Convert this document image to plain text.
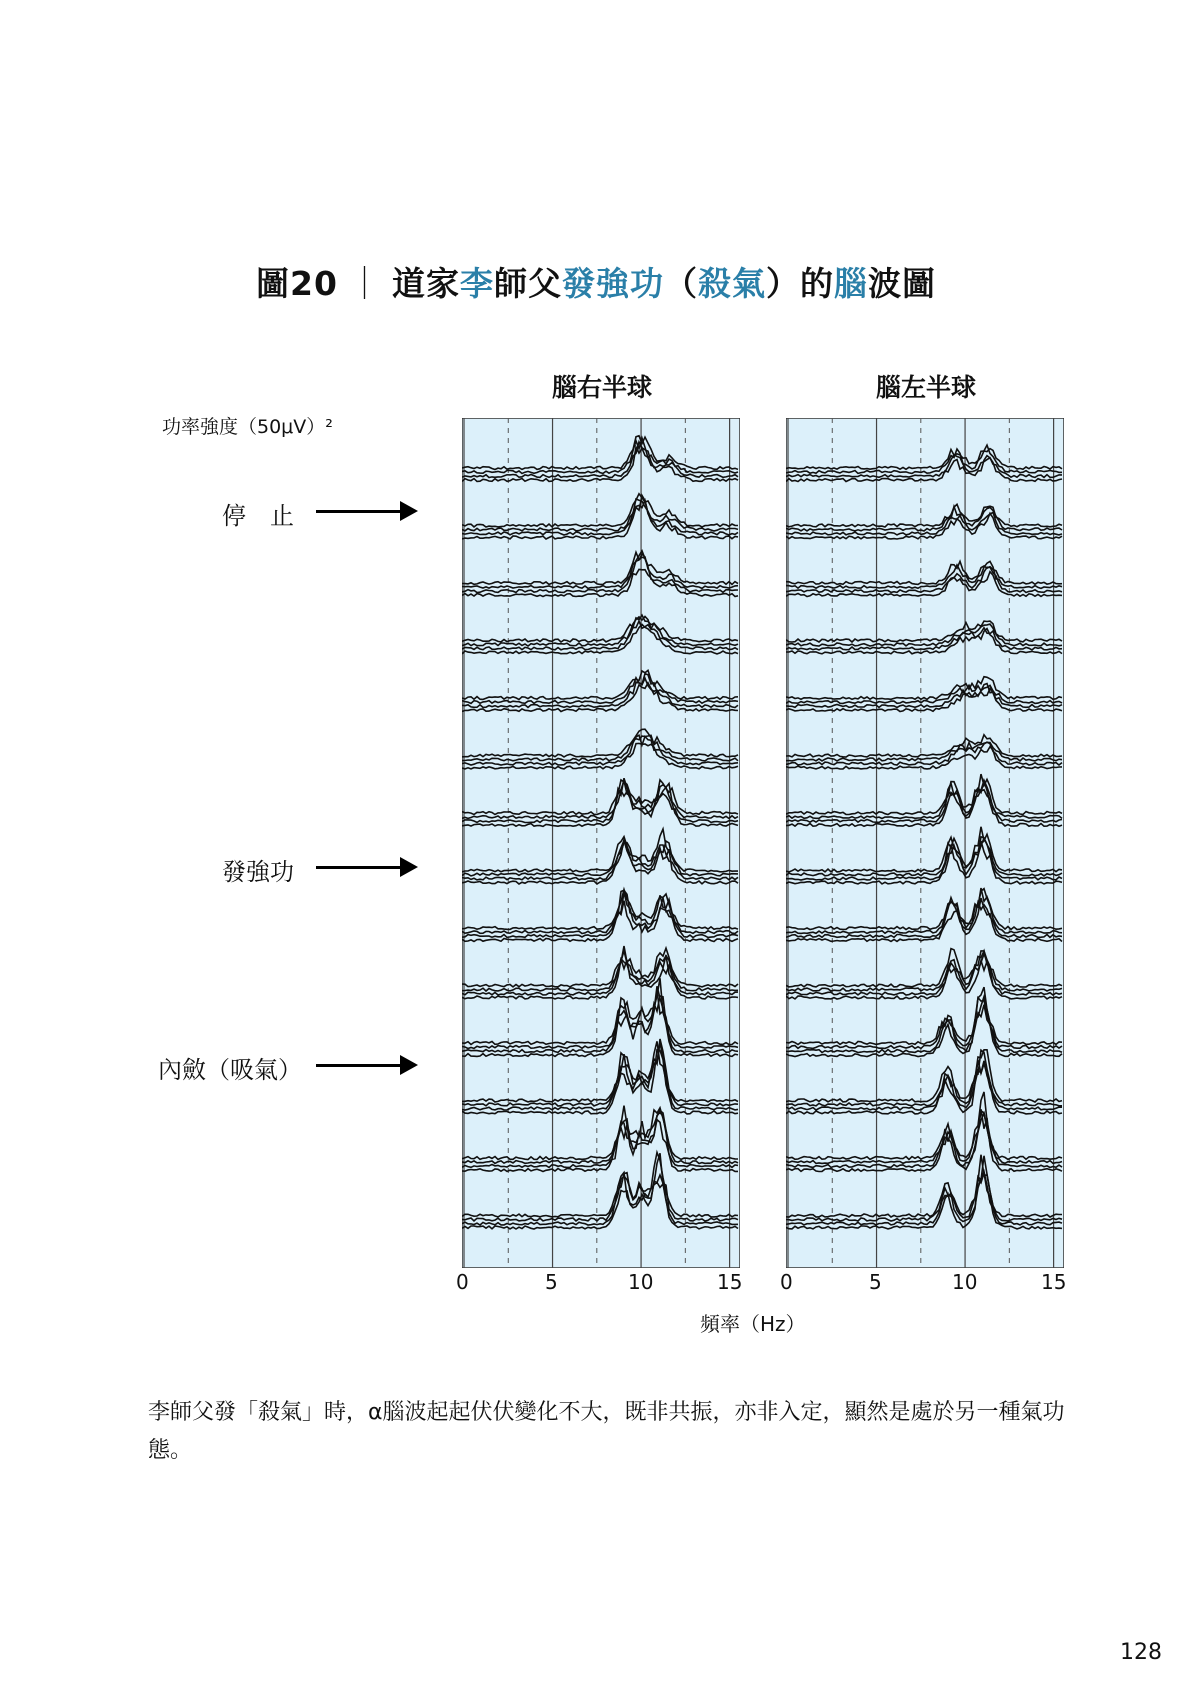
圖20 ｜ 道家李師父發強功（殺氣）的腦波圖
腦右半球	腦左半球
功率強度（50μV）²
停　止
發強功
內斂（吸氣）
0	5	10	15 0	5	10	15
頻率（Hz）
李師父發「殺氣」時，α腦波起起伏伏變化不大，既非共振，亦非入定，顯然是處於另一種氣功態。
128
